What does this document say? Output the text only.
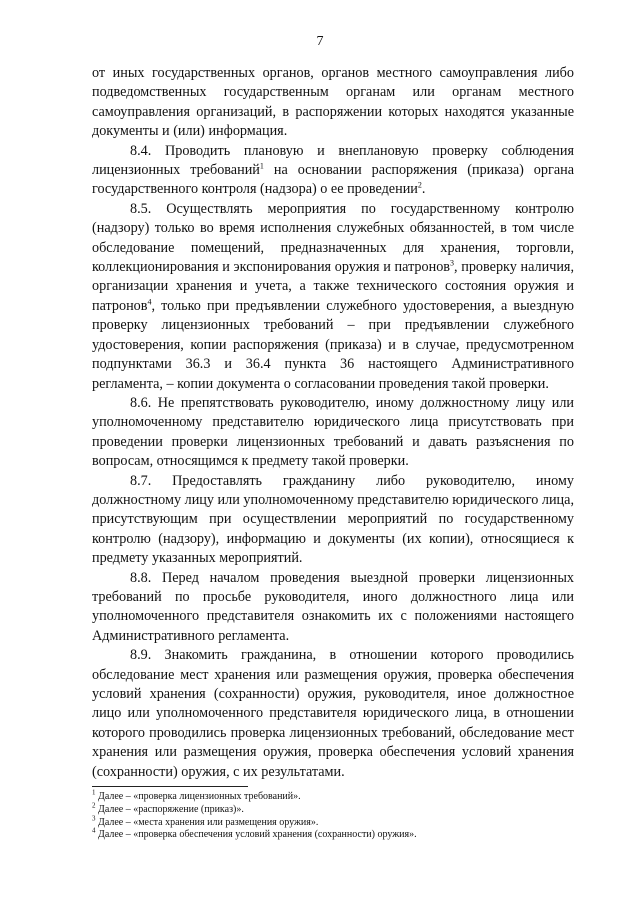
7

от иных государственных органов, органов местного самоуправления либо подведомственных государственным органам или органам местного самоуправления организаций, в распоряжении которых находятся указанные документы и (или) информация.

8.4. Проводить плановую и внеплановую проверку соблюдения лицензионных требований$^1$ на основании распоряжения (приказа) органа государственного контроля (надзора) о ее проведении$^2$.

8.5. Осуществлять мероприятия по государственному контролю (надзору) только во время исполнения служебных обязанностей, в том числе обследование помещений, предназначенных для хранения, торговли, коллекционирования и экспонирования оружия и патронов$^3$, проверку наличия, организации хранения и учета, а также технического состояния оружия и патронов$^4$, только при предъявлении служебного удостоверения, а выездную проверку лицензионных требований – при предъявлении служебного удостоверения, копии распоряжения (приказа) и в случае, предусмотренном подпунктами 36.3 и 36.4 пункта 36 настоящего Административного регламента, – копии документа о согласовании проведения такой проверки.

8.6. Не препятствовать руководителю, иному должностному лицу или уполномоченному представителю юридического лица присутствовать при проведении проверки лицензионных требований и давать разъяснения по вопросам, относящимся к предмету такой проверки.

8.7. Предоставлять гражданину либо руководителю, иному должностному лицу или уполномоченному представителю юридического лица, присутствующим при осуществлении мероприятий по государственному контролю (надзору), информацию и документы (их копии), относящиеся к предмету указанных мероприятий.

8.8. Перед началом проведения выездной проверки лицензионных требований по просьбе руководителя, иного должностного лица или уполномоченного представителя ознакомить их с положениями настоящего Административного регламента.

8.9. Знакомить гражданина, в отношении которого проводились обследование мест хранения или размещения оружия, проверка обеспечения условий хранения (сохранности) оружия, руководителя, иное должностное лицо или уполномоченного представителя юридического лица, в отношении которого проводились проверка лицензионных требований, обследование мест хранения или размещения оружия, проверка обеспечения условий хранения (сохранности) оружия, с их результатами.

$^1$ Далее – «проверка лицензионных требований».
$^2$ Далее – «распоряжение (приказ)».
$^3$ Далее – «места хранения или размещения оружия».
$^4$ Далее – «проверка обеспечения условий хранения (сохранности) оружия».
